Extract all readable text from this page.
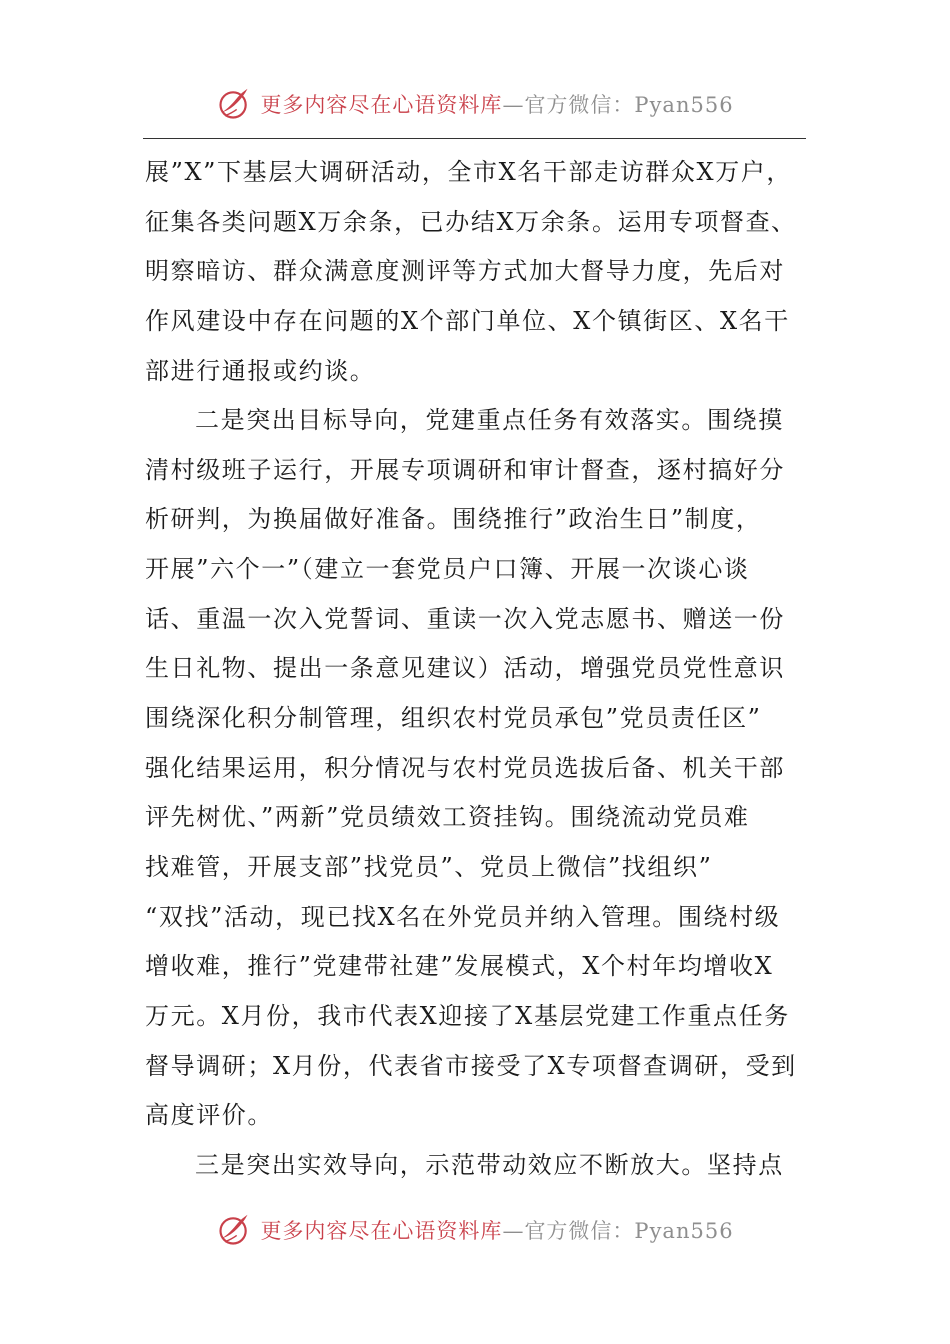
更多内容尽在心语资料库—官方微信：Pyan556
展”X”下基层大调研活动，全市X名干部走访群众X万户，
征集各类问题X万余条，已办结X万余条。运用专项督查、
明察暗访、群众满意度测评等方式加大督导力度，先后对
作风建设中存在问题的X个部门单位、X个镇街区、X名干
部进行通报或约谈。
二是突出目标导向，党建重点任务有效落实。围绕摸
清村级班子运行，开展专项调研和审计督查，逐村搞好分
析研判，为换届做好准备。围绕推行”政治生日”制度，
开展”六个一”（建立一套党员户口簿、开展一次谈心谈
话、重温一次入党誓词、重读一次入党志愿书、赠送一份
生日礼物、提出一条意见建议）活动，增强党员党性意识
围绕深化积分制管理，组织农村党员承包”党员责任区”
强化结果运用，积分情况与农村党员选拔后备、机关干部
评先树优、”两新”党员绩效工资挂钩。围绕流动党员难
找难管，开展支部”找党员”、党员上微信”找组织”
“双找”活动，现已找X名在外党员并纳入管理。围绕村级
增收难，推行”党建带社建”发展模式，X个村年均增收X
万元。X月份，我市代表X迎接了X基层党建工作重点任务
督导调研；X月份，代表省市接受了X专项督查调研，受到
高度评价。
三是突出实效导向，示范带动效应不断放大。坚持点
更多内容尽在心语资料库—官方微信：Pyan556
